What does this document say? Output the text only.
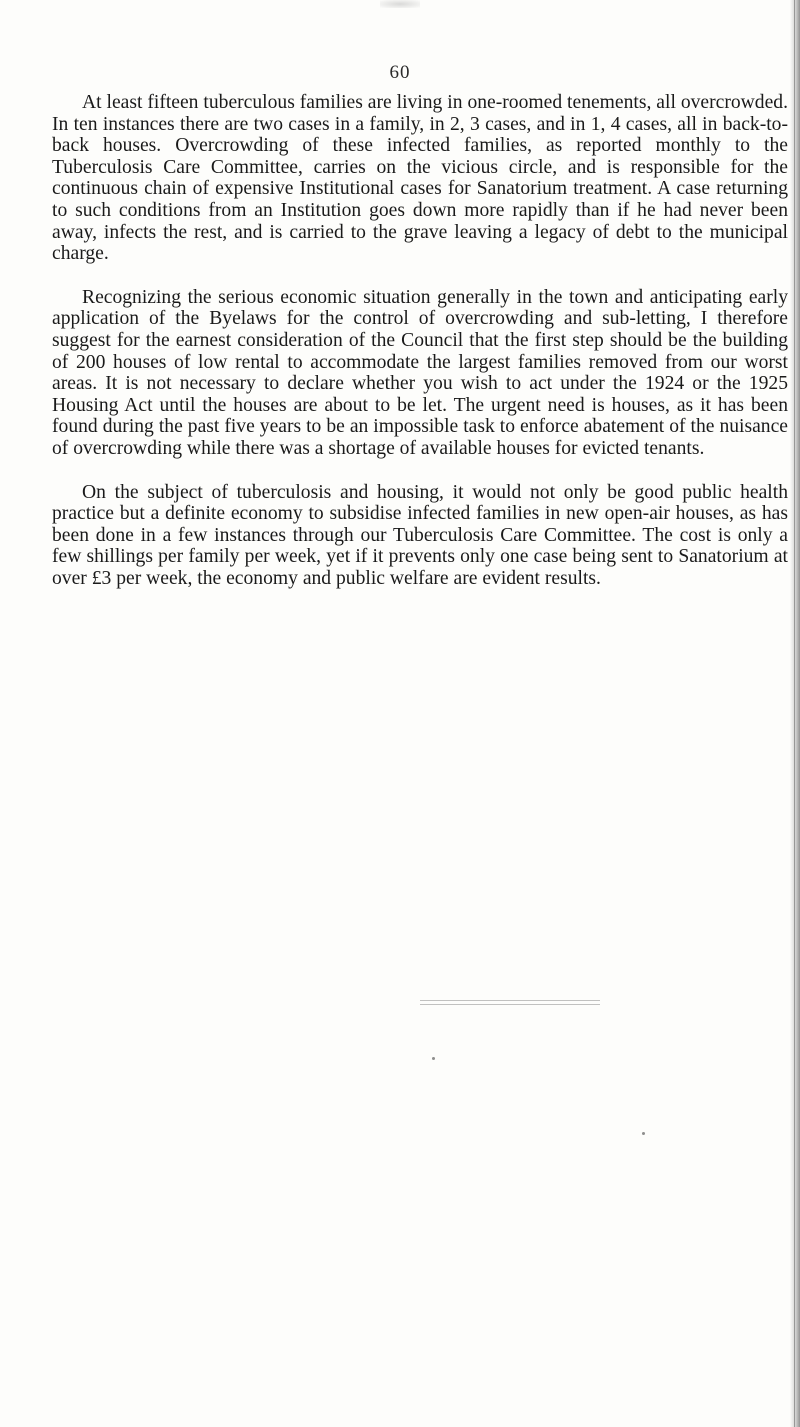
60

At least fifteen tuberculous families are living in one-roomed tenements, all overcrowded. In ten instances there are two cases in a family, in 2, 3 cases, and in 1, 4 cases, all in back-to-back houses. Overcrowding of these infected families, as reported monthly to the Tuberculosis Care Committee, carries on the vicious circle, and is responsible for the continuous chain of expensive Institutional cases for Sanatorium treatment. A case returning to such conditions from an Institution goes down more rapidly than if he had never been away, infects the rest, and is carried to the grave leaving a legacy of debt to the municipal charge.

Recognizing the serious economic situation generally in the town and anticipating early application of the Byelaws for the control of overcrowding and sub-letting, I therefore suggest for the earnest consideration of the Council that the first step should be the building of 200 houses of low rental to accommodate the largest families removed from our worst areas. It is not necessary to declare whether you wish to act under the 1924 or the 1925 Housing Act until the houses are about to be let. The urgent need is houses, as it has been found during the past five years to be an impossible task to enforce abatement of the nuisance of overcrowding while there was a shortage of available houses for evicted tenants.

On the subject of tuberculosis and housing, it would not only be good public health practice but a definite economy to subsidise infected families in new open-air houses, as has been done in a few instances through our Tuberculosis Care Committee. The cost is only a few shillings per family per week, yet if it prevents only one case being sent to Sanatorium at over £3 per week, the economy and public welfare are evident results.
